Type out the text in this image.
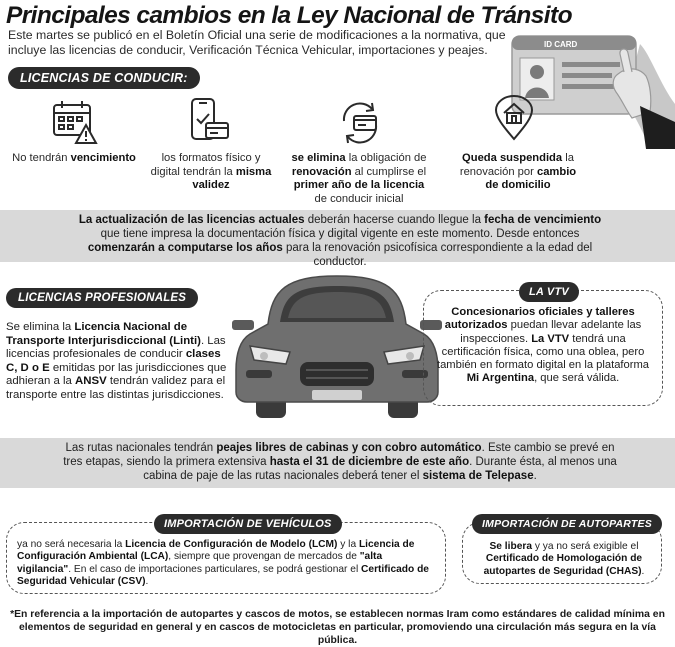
Principales cambios en la Ley Nacional de Tránsito
Este martes se publicó en el Boletín Oficial una serie de modificaciones a la normativa, que incluye las licencias de conducir, Verificación Técnica Vehicular, importaciones y peajes.	ID CARD
LICENCIAS DE CONDUCIR:
No tendrán vencimiento	los formatos físico y digital tendrán la misma validez
se elimina la obligación de renovación al cumplirse el primer año de la licencia de conducir inicial
Queda suspendida la renovación por cambio de domicilio
La actualización de las licencias actuales deberán hacerse cuando llegue la fecha de vencimiento que tiene impresa la documentación física y digital vigente en este momento. Desde entonces comenzarán a computarse los años para la renovación psicofísica correspondiente a la edad del conductor.
LICENCIAS PROFESIONALES
Se elimina la Licencia Nacional de Transporte Interjurisdiccional (Linti). Las licencias profesionales de conducir clases C, D o E emitidas por las jurisdicciones que adhieran a la ANSV tendrán validez para el transporte entre las distintas jurisdicciones.
LA VTV
Concesionarios oficiales y talleres autorizados puedan llevar adelante las inspecciones. La VTV tendrá una certificación física, como una oblea, pero también en formato digital en la plataforma Mi Argentina, que será válida.
Las rutas nacionales tendrán peajes libres de cabinas y con cobro automático. Este cambio se prevé en tres etapas, siendo la primera extensiva hasta el 31 de diciembre de este año. Durante ésta, al menos una cabina de paje de las rutas nacionales deberá tener el sistema de Telepase.
IMPORTACIÓN DE VEHÍCULOS
ya no será necesaria la Licencia de Configuración de Modelo (LCM) y la Licencia de Configuración Ambiental (LCA), siempre que provengan de mercados de "alta vigilancia". En el caso de importaciones particulares, se podrá gestionar el Certificado de Seguridad Vehicular (CSV).
IMPORTACIÓN DE AUTOPARTES
Se libera y ya no será exigible el Certificado de Homologación de autopartes de Seguridad (CHAS).
*En referencia a la importación de autopartes y cascos de motos, se establecen normas Iram como estándares de calidad mínima en elementos de seguridad en general y en cascos de motocicletas en particular, promoviendo una circulación más segura en la vía pública.
